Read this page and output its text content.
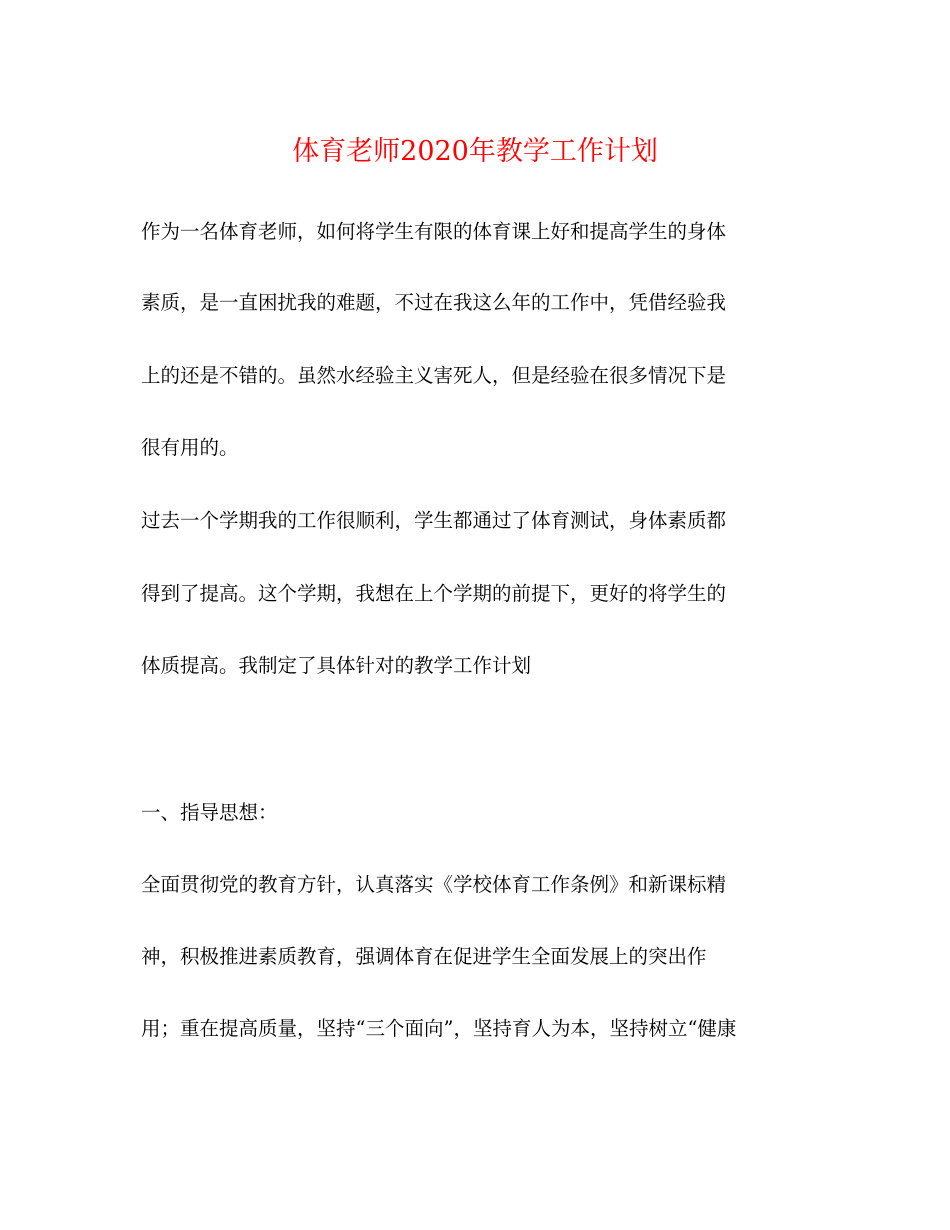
体育老师2020年教学工作计划
作为一名体育老师，如何将学生有限的体育课上好和提高学生的身体
素质，是一直困扰我的难题，不过在我这么年的工作中，凭借经验我
上的还是不错的。虽然水经验主义害死人，但是经验在很多情况下是
很有用的。
过去一个学期我的工作很顺利，学生都通过了体育测试，身体素质都
得到了提高。这个学期，我想在上个学期的前提下，更好的将学生的
体质提高。我制定了具体针对的教学工作计划
一、指导思想：
全面贯彻党的教育方针，认真落实《学校体育工作条例》和新课标精
神，积极推进素质教育，强调体育在促进学生全面发展上的突出作
用；重在提高质量，坚持“三个面向”，坚持育人为本，坚持树立“健康
